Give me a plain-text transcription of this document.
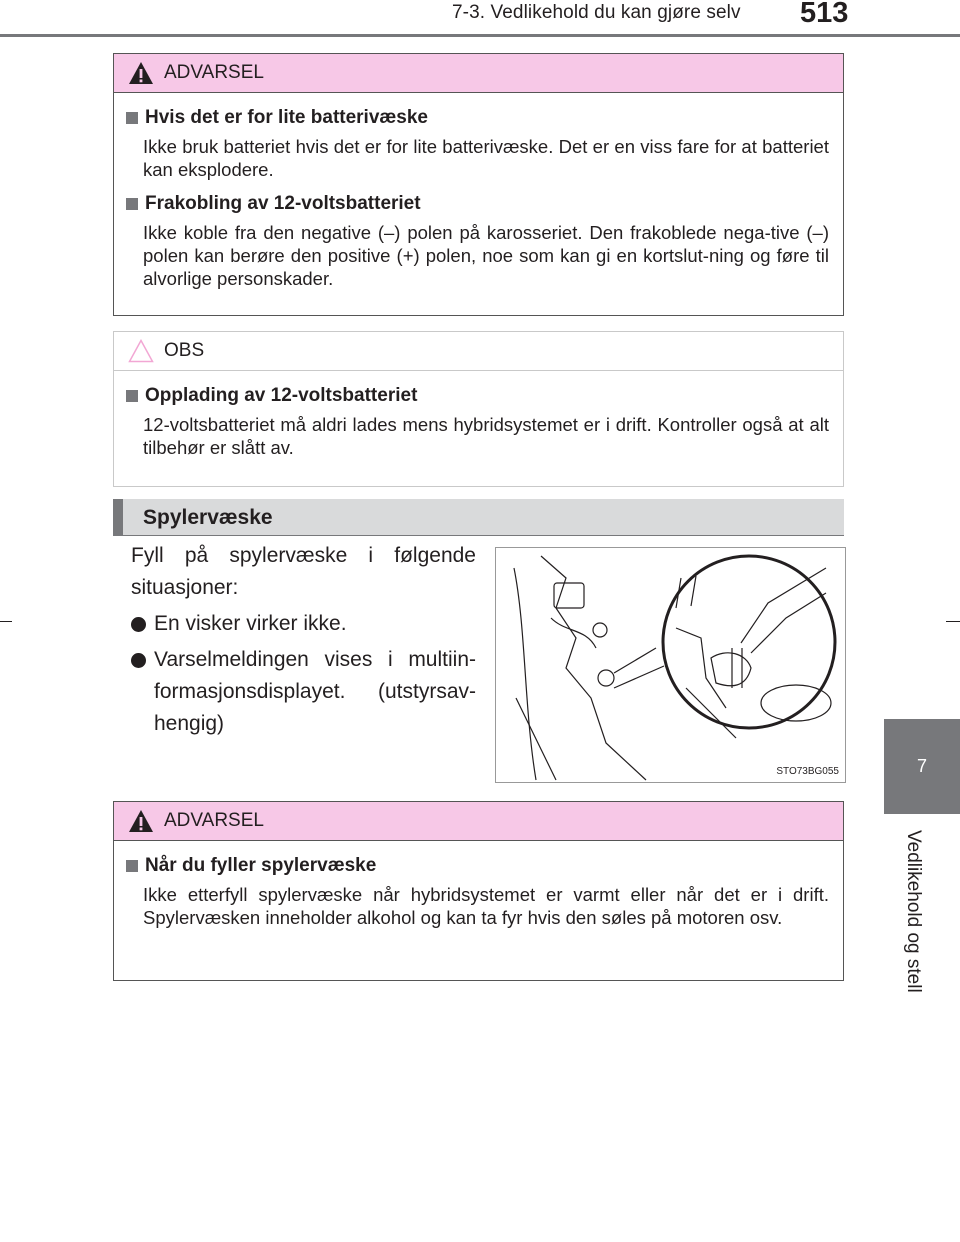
7-3. Vedlikehold du kan gjøre selv 513
7
Vedlikehold og stell
ADVARSEL
Hvis det er for lite batterivæske
Ikke bruk batteriet hvis det er for lite batterivæske. Det er en viss fare for at batteriet kan eksplodere.
Frakobling av 12-voltsbatteriet
Ikke koble fra den negative (–) polen på karosseriet. Den frakoblede nega-tive (–) polen kan berøre den positive (+) polen, noe som kan gi en kortslut-ning og føre til alvorlige personskader.
OBS
Opplading av 12-voltsbatteriet
12-voltsbatteriet må aldri lades mens hybridsystemet er i drift. Kontroller også at alt tilbehør er slått av.
Spylervæske
Fyll på spylervæske i følgende situasjoner:
En visker virker ikke.
Varselmeldingen vises i multiin-formasjonsdisplayet. (utstyrsav-hengig)
STO73BG055
ADVARSEL
Når du fyller spylervæske
Ikke etterfyll spylervæske når hybridsystemet er varmt eller når det er i drift. Spylervæsken inneholder alkohol og kan ta fyr hvis den søles på motoren osv.
